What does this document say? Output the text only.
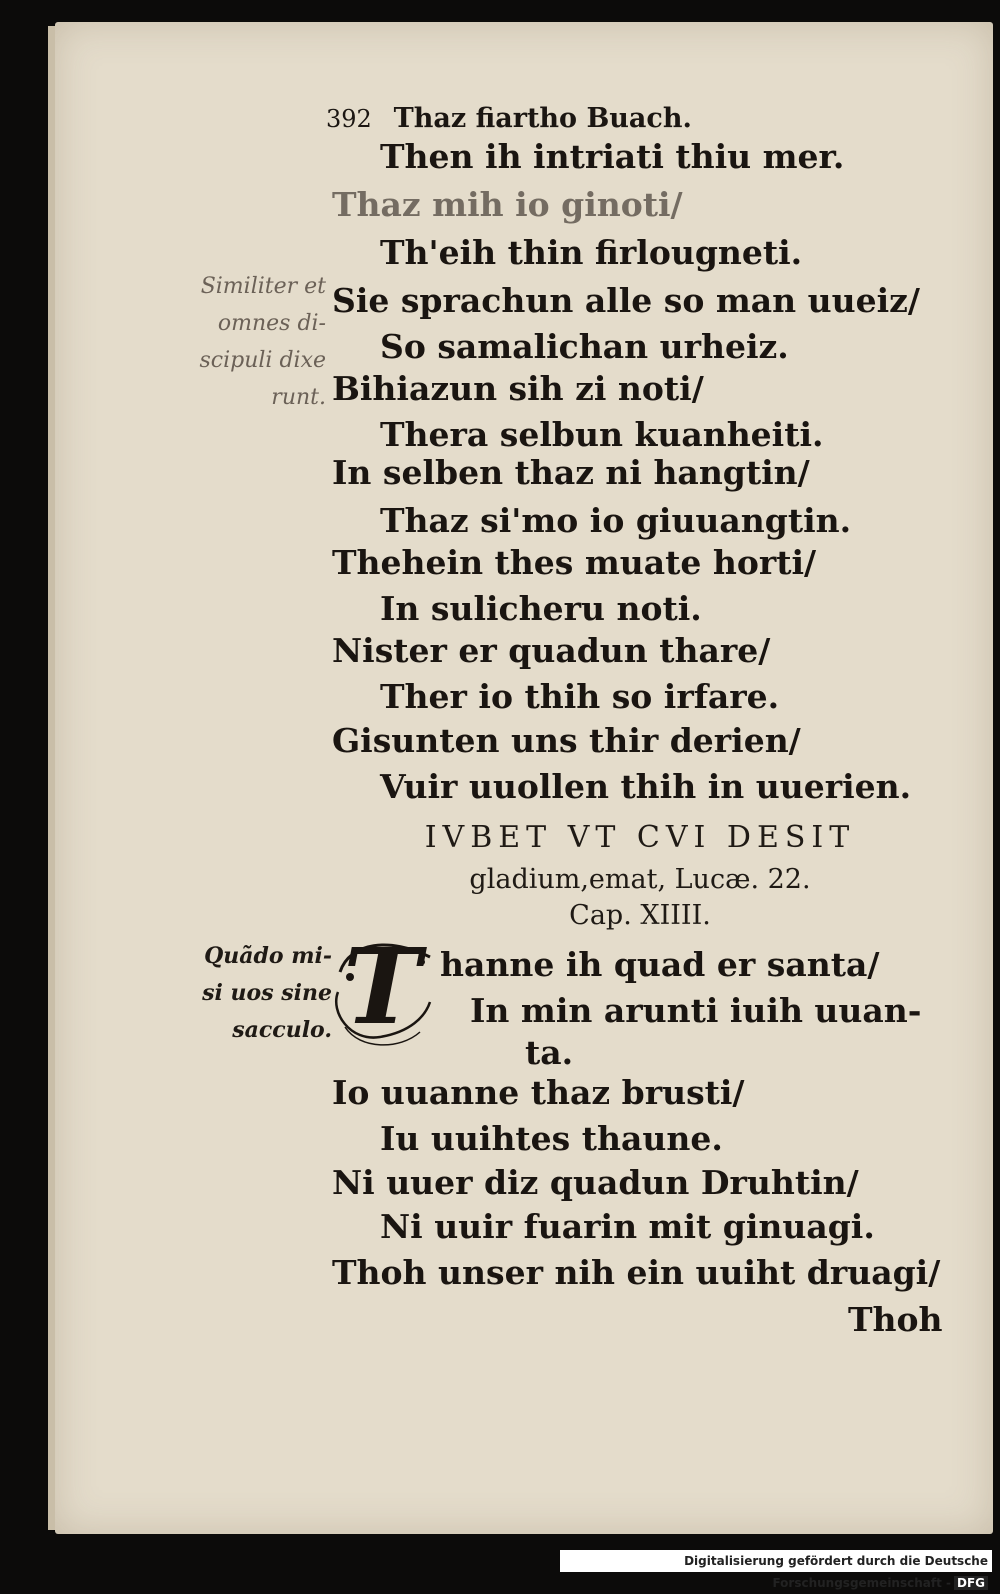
392 Thaz fiartho Buach.
Then ih intriati thiu mer.
Thaz mih io ginoti/
Th'eih thin firlougneti.
Sie sprachun alle so man uueiz/
So samalichan urheiz.
Bihiazun sih zi noti/
Thera selbun kuanheiti.
In selben thaz ni hangtin/
Thaz si'mo io giuuangtin.
Thehein thes muate horti/
In sulicheru noti.
Nister er quadun thare/
Ther io thih so irfare.
Gisunten uns thir derien/
Vuir uuollen thih in uuerien.
Similiter et
omnes di-
scipuli dixe
runt.
IVBET VT CVI DESIT
gladium,emat, Lucæ. 22.
Cap. XIIII.
Quãdo mi-
si uos sine
sacculo. T hanne ih quad er santa/
In min arunti iuih uuan-
ta.
Io uuanne thaz brusti/
Iu uuihtes thaune.
Ni uuer diz quadun Druhtin/
Ni uuir fuarin mit ginuagi.
Thoh unser nih ein uuiht druagi/
Thoh
Digitalisierung gefördert durch die Deutsche Forschungsgemeinschaft - DFG
